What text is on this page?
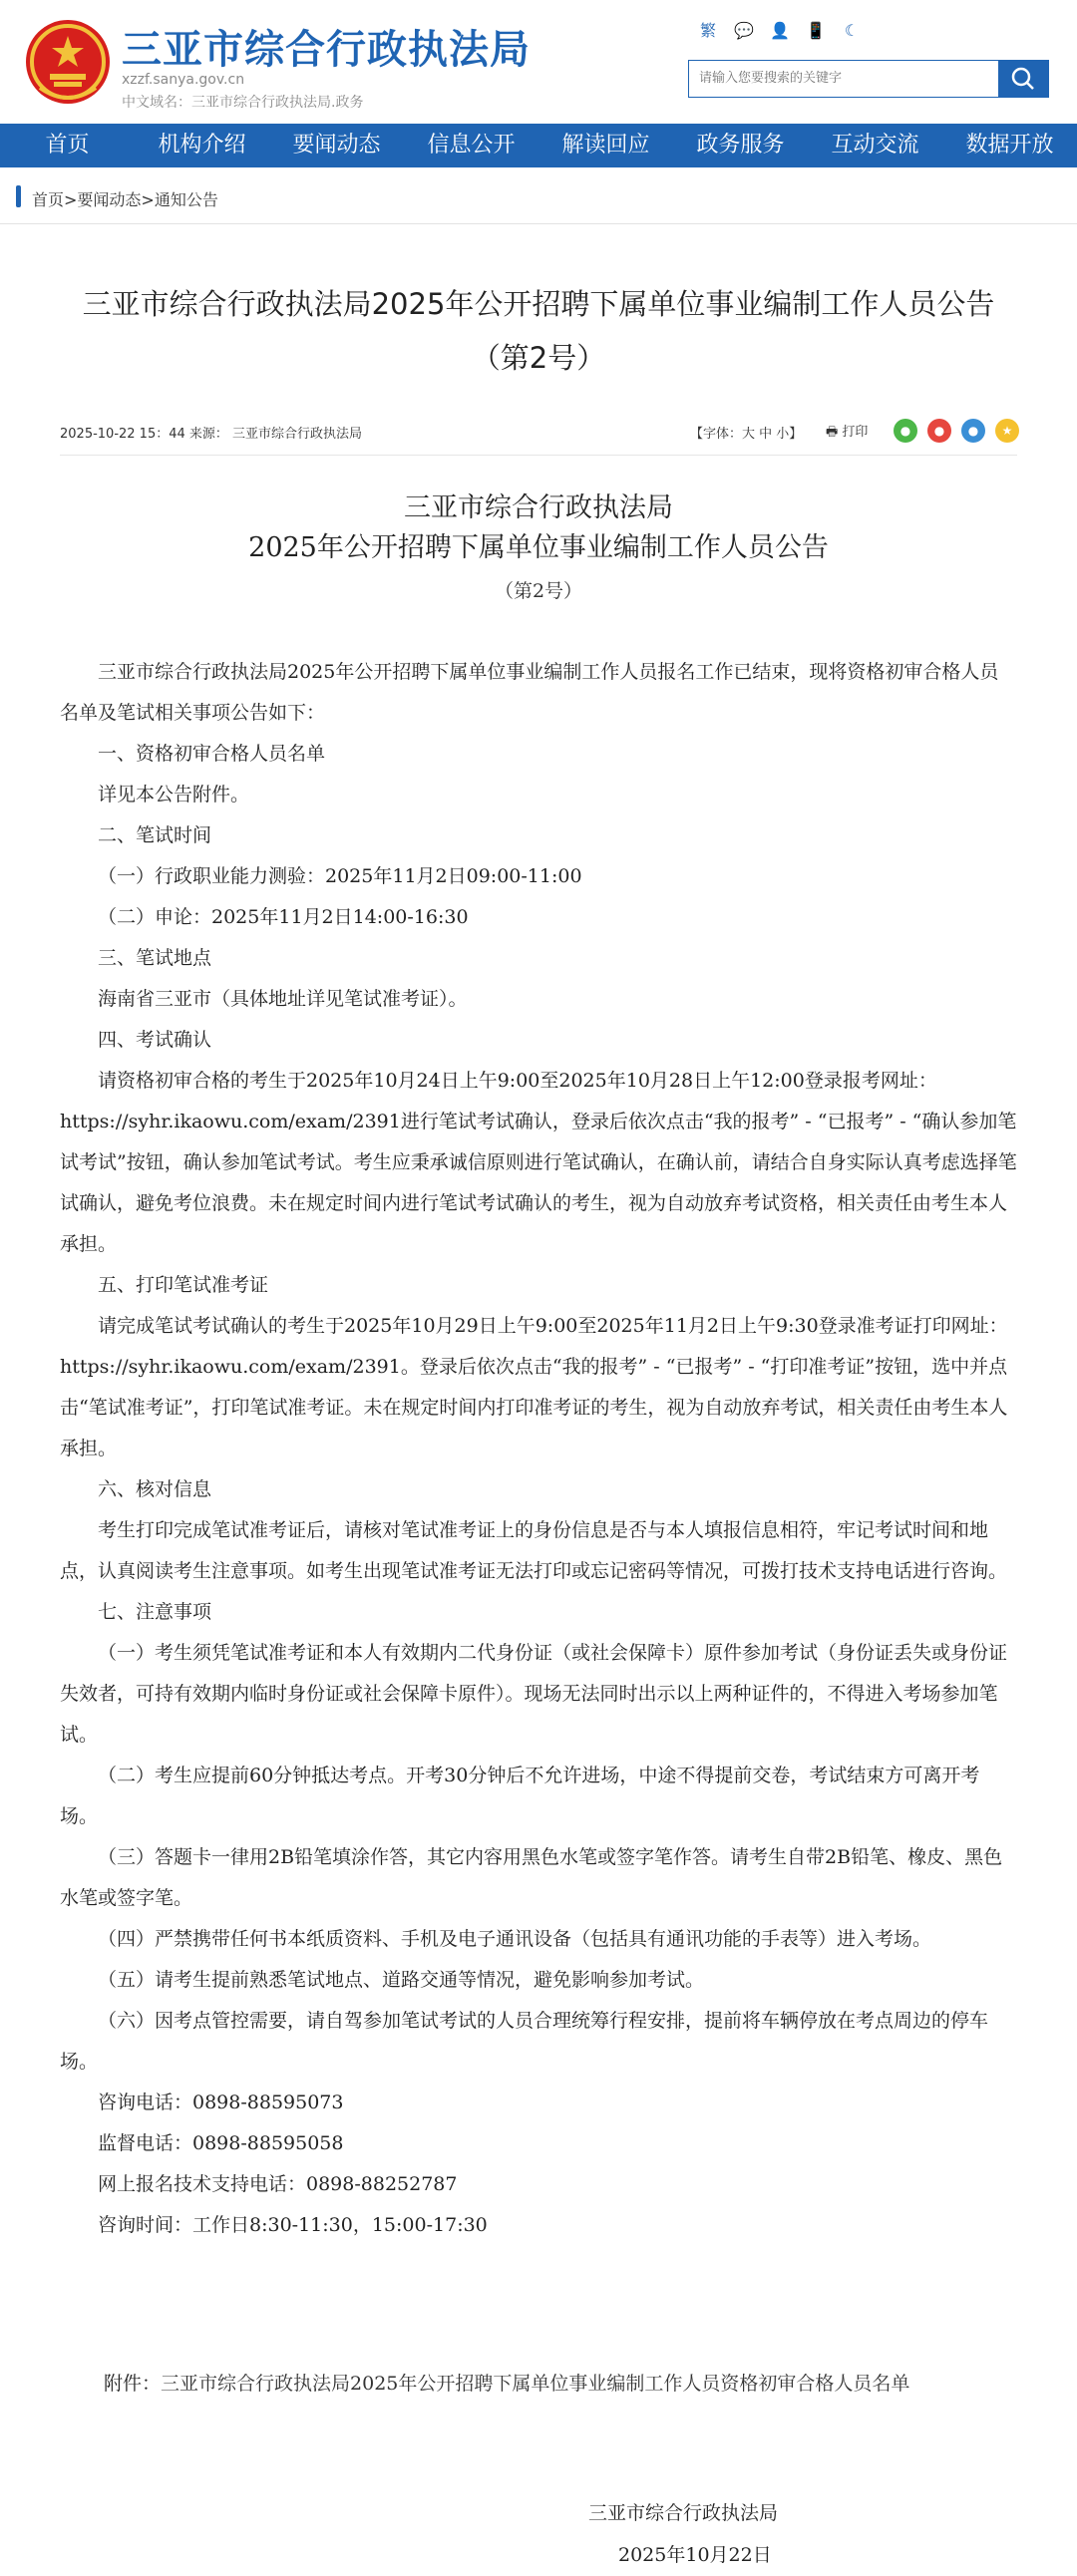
三亚市综合行政执法局
xzzf.sanya.gov.cn
中文域名：三亚市综合行政执法局.政务
繁 💬 👤 📱 ☾
请输入您要搜索的关键字
首页	机构介绍	要闻动态	信息公开	解读回应	政务服务	互动交流	数据开放
首页>要闻动态>通知公告
三亚市综合行政执法局2025年公开招聘下属单位事业编制工作人员公告
（第2号）
2025-10-22 15：44 来源： 三亚市综合行政执法局	【字体：大 中 小】 🖶 打印	●	●	●	★
三亚市综合行政执法局
2025年公开招聘下属单位事业编制工作人员公告
（第2号）

三亚市综合行政执法局2025年公开招聘下属单位事业编制工作人员报名工作已结束，现将资格初审合格人员名单及笔试相关事项公告如下：

一、资格初审合格人员名单

详见本公告附件。

二、笔试时间

（一）行政职业能力测验：2025年11月2日09:00-11:00

（二）申论：2025年11月2日14:00-16:30

三、笔试地点

海南省三亚市（具体地址详见笔试准考证）。

四、考试确认

请资格初审合格的考生于2025年10月24日上午9:00至2025年10月28日上午12:00登录报考网址：https://syhr.ikaowu.com/exam/2391进行笔试考试确认，登录后依次点击“我的报考” - “已报考” - “确认参加笔试考试”按钮，确认参加笔试考试。考生应秉承诚信原则进行笔试确认，在确认前，请结合自身实际认真考虑选择笔试确认，避免考位浪费。未在规定时间内进行笔试考试确认的考生，视为自动放弃考试资格，相关责任由考生本人承担。

五、打印笔试准考证

请完成笔试考试确认的考生于2025年10月29日上午9:00至2025年11月2日上午9:30登录准考证打印网址：https://syhr.ikaowu.com/exam/2391。登录后依次点击“我的报考” - “已报考” - “打印准考证”按钮，选中并点击“笔试准考证”，打印笔试准考证。未在规定时间内打印准考证的考生，视为自动放弃考试，相关责任由考生本人承担。

六、核对信息

考生打印完成笔试准考证后，请核对笔试准考证上的身份信息是否与本人填报信息相符，牢记考试时间和地点，认真阅读考生注意事项。如考生出现笔试准考证无法打印或忘记密码等情况，可拨打技术支持电话进行咨询。

七、注意事项

（一）考生须凭笔试准考证和本人有效期内二代身份证（或社会保障卡）原件参加考试（身份证丢失或身份证失效者，可持有效期内临时身份证或社会保障卡原件）。现场无法同时出示以上两种证件的，不得进入考场参加笔试。

（二）考生应提前60分钟抵达考点。开考30分钟后不允许进场，中途不得提前交卷，考试结束方可离开考场。

（三）答题卡一律用2B铅笔填涂作答，其它内容用黑色水笔或签字笔作答。请考生自带2B铅笔、橡皮、黑色水笔或签字笔。

（四）严禁携带任何书本纸质资料、手机及电子通讯设备（包括具有通讯功能的手表等）进入考场。

（五）请考生提前熟悉笔试地点、道路交通等情况，避免影响参加考试。

（六）因考点管控需要，请自驾参加笔试考试的人员合理统筹行程安排，提前将车辆停放在考点周边的停车场。

咨询电话：0898-88595073

监督电话：0898-88595058

网上报名技术支持电话：0898-88252787

咨询时间：工作日8:30-11:30，15:00-17:30

附件：三亚市综合行政执法局2025年公开招聘下属单位事业编制工作人员资格初审合格人员名单
三亚市综合行政执法局
2025年10月22日
